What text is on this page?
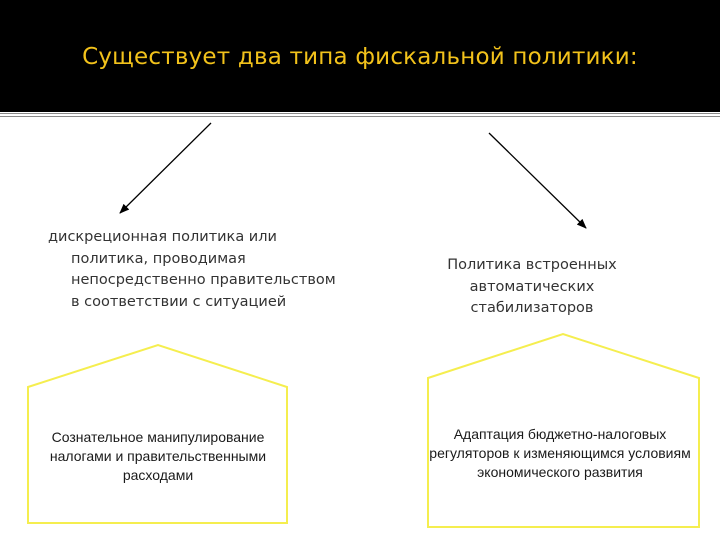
Существует два типа фискальной политики:
дискреционная политика или
политика, проводимая непосредственно правительством в соответствии с ситуацией
Политика встроенных автоматических стабилизаторов
Сознательное манипулирование налогами и правительственными расходами
Адаптация бюджетно-налоговых регуляторов к изменяющимся условиям экономического развития
